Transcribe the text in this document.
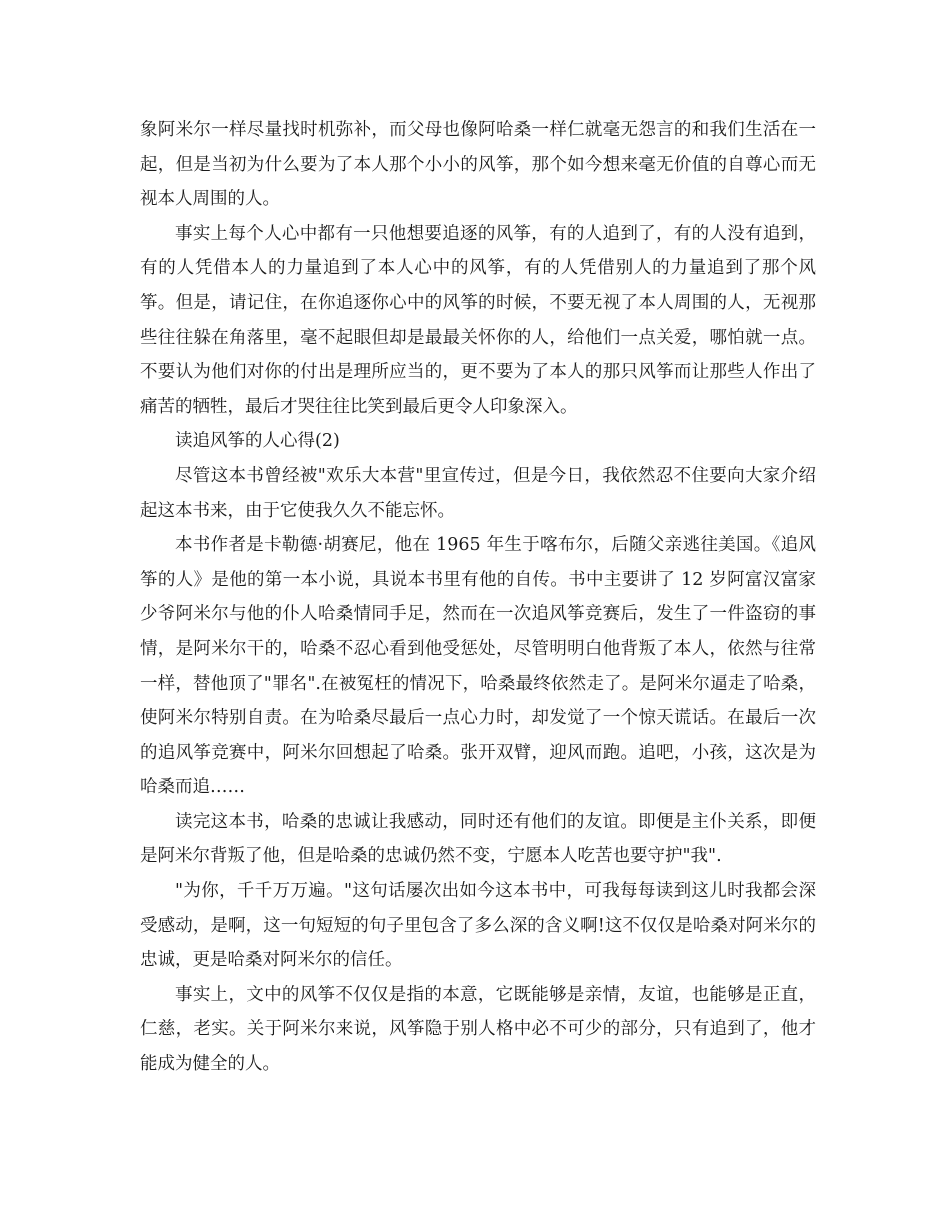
象阿米尔一样尽量找时机弥补，而父母也像阿哈桑一样仁就毫无怨言的和我们生活在一起，但是当初为什么要为了本人那个小小的风筝，那个如今想来毫无价值的自尊心而无视本人周围的人。

事实上每个人心中都有一只他想要追逐的风筝，有的人追到了，有的人没有追到，有的人凭借本人的力量追到了本人心中的风筝，有的人凭借别人的力量追到了那个风筝。但是，请记住，在你追逐你心中的风筝的时候，不要无视了本人周围的人，无视那些往往躲在角落里，毫不起眼但却是最最关怀你的人，给他们一点关爱，哪怕就一点。不要认为他们对你的付出是理所应当的，更不要为了本人的那只风筝而让那些人作出了痛苦的牺牲，最后才哭往往比笑到最后更令人印象深入。

读追风筝的人心得(2)

尽管这本书曾经被"欢乐大本营"里宣传过，但是今日，我依然忍不住要向大家介绍起这本书来，由于它使我久久不能忘怀。

本书作者是卡勒德·胡赛尼，他在 1965 年生于喀布尔，后随父亲逃往美国。《追风筝的人》是他的第一本小说，具说本书里有他的自传。书中主要讲了 12 岁阿富汉富家少爷阿米尔与他的仆人哈桑情同手足，然而在一次追风筝竞赛后，发生了一件盗窃的事情，是阿米尔干的，哈桑不忍心看到他受惩处，尽管明明白他背叛了本人，依然与往常一样，替他顶了"罪名".在被冤枉的情况下，哈桑最终依然走了。是阿米尔逼走了哈桑，使阿米尔特别自责。在为哈桑尽最后一点心力时，却发觉了一个惊天谎话。在最后一次的追风筝竞赛中，阿米尔回想起了哈桑。张开双臂，迎风而跑。追吧，小孩，这次是为哈桑而追……

读完这本书，哈桑的忠诚让我感动，同时还有他们的友谊。即便是主仆关系，即便是阿米尔背叛了他，但是哈桑的忠诚仍然不变，宁愿本人吃苦也要守护"我".

"为你，千千万万遍。"这句话屡次出如今这本书中，可我每每读到这儿时我都会深受感动，是啊，这一句短短的句子里包含了多么深的含义啊!这不仅仅是哈桑对阿米尔的忠诚，更是哈桑对阿米尔的信任。

事实上，文中的风筝不仅仅是指的本意，它既能够是亲情，友谊，也能够是正直，仁慈，老实。关于阿米尔来说，风筝隐于别人格中必不可少的部分，只有追到了，他才能成为健全的人。
